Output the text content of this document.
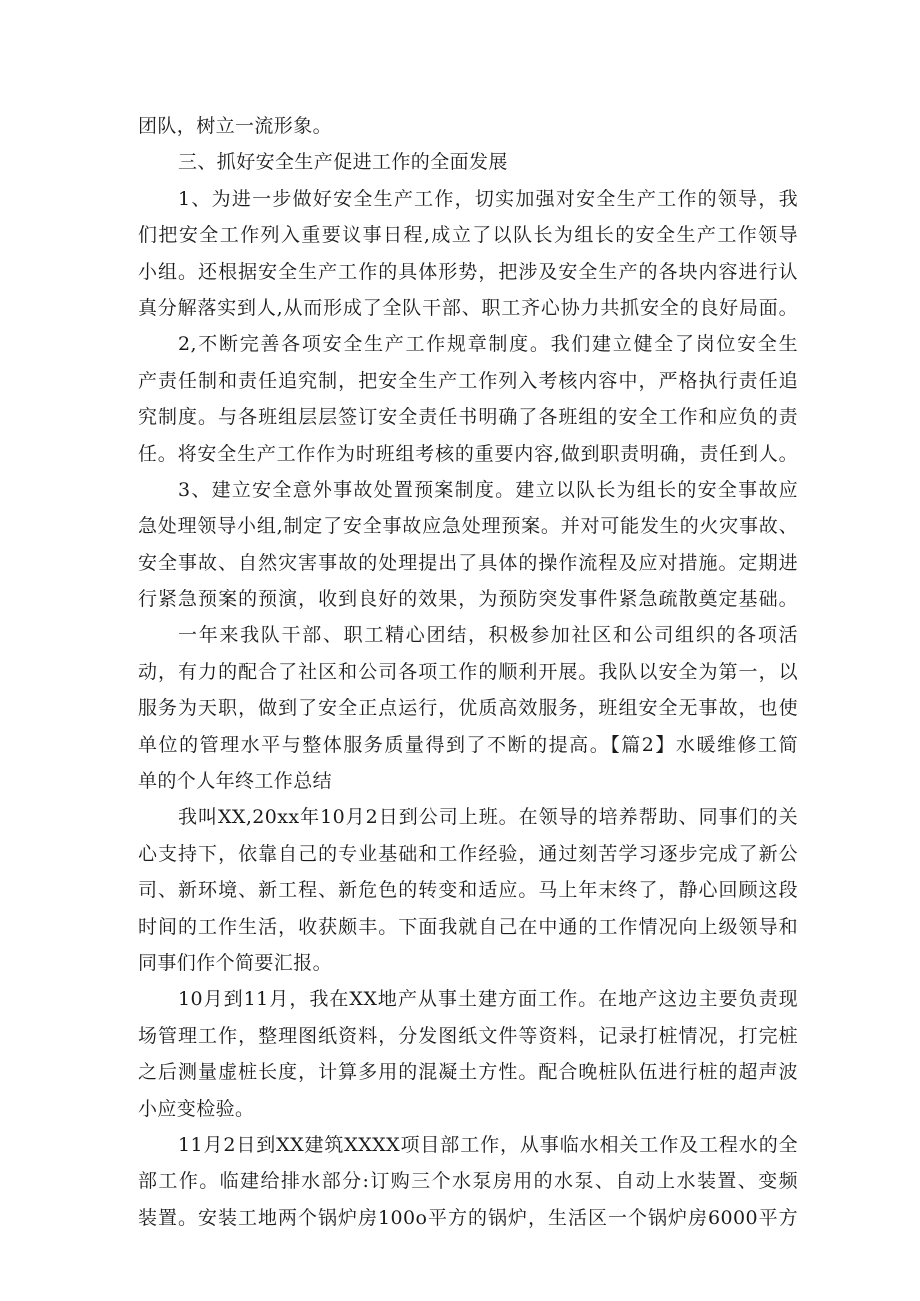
团队，树立一流形象。
三、抓好安全生产促进工作的全面发展
1、为进一步做好安全生产工作，切实加强对安全生产工作的领导，我
们把安全工作列入重要议事日程,成立了以队长为组长的安全生产工作领导
小组。还根据安全生产工作的具体形势，把涉及安全生产的各块内容进行认
真分解落实到人,从而形成了全队干部、职工齐心协力共抓安全的良好局面。
2,不断完善各项安全生产工作规章制度。我们建立健全了岗位安全生
产责任制和责任追究制，把安全生产工作列入考核内容中，严格执行责任追
究制度。与各班组层层签订安全责任书明确了各班组的安全工作和应负的责
任。将安全生产工作作为时班组考核的重要内容,做到职责明确，责任到人。
3、建立安全意外事故处置预案制度。建立以队长为组长的安全事故应
急处理领导小组,制定了安全事故应急处理预案。并对可能发生的火灾事故、
安全事故、自然灾害事故的处理提出了具体的操作流程及应对措施。定期进
行紧急预案的预演，收到良好的效果，为预防突发事件紧急疏散奠定基础。
一年来我队干部、职工精心团结，积极参加社区和公司组织的各项活
动，有力的配合了社区和公司各项工作的顺利开展。我队以安全为第一，以
服务为天职，做到了安全正点运行，优质高效服务，班组安全无事故，也使
单位的管理水平与整体服务质量得到了不断的提高。【篇2】水暖维修工简
单的个人年终工作总结
我叫XX,20xx年10月2日到公司上班。在领导的培养帮助、同事们的关
心支持下，依靠自己的专业基础和工作经验，通过刻苦学习逐步完成了新公
司、新环境、新工程、新危色的转变和适应。马上年末终了，静心回顾这段
时间的工作生活，收获颇丰。下面我就自己在中通的工作情况向上级领导和
同事们作个简要汇报。
10月到11月，我在XX地产从事土建方面工作。在地产这边主要负责现
场管理工作，整理图纸资料，分发图纸文件等资料，记录打桩情况，打完桩
之后测量虚桩长度，计算多用的混凝土方性。配合晚桩队伍进行桩的超声波
小应变检验。
11月2日到XX建筑XXXX项目部工作，从事临水相关工作及工程水的全
部工作。临建给排水部分:订购三个水泵房用的水泵、自动上水装置、变频
装置。安装工地两个锅炉房100o平方的锅炉，生活区一个锅炉房6000平方
